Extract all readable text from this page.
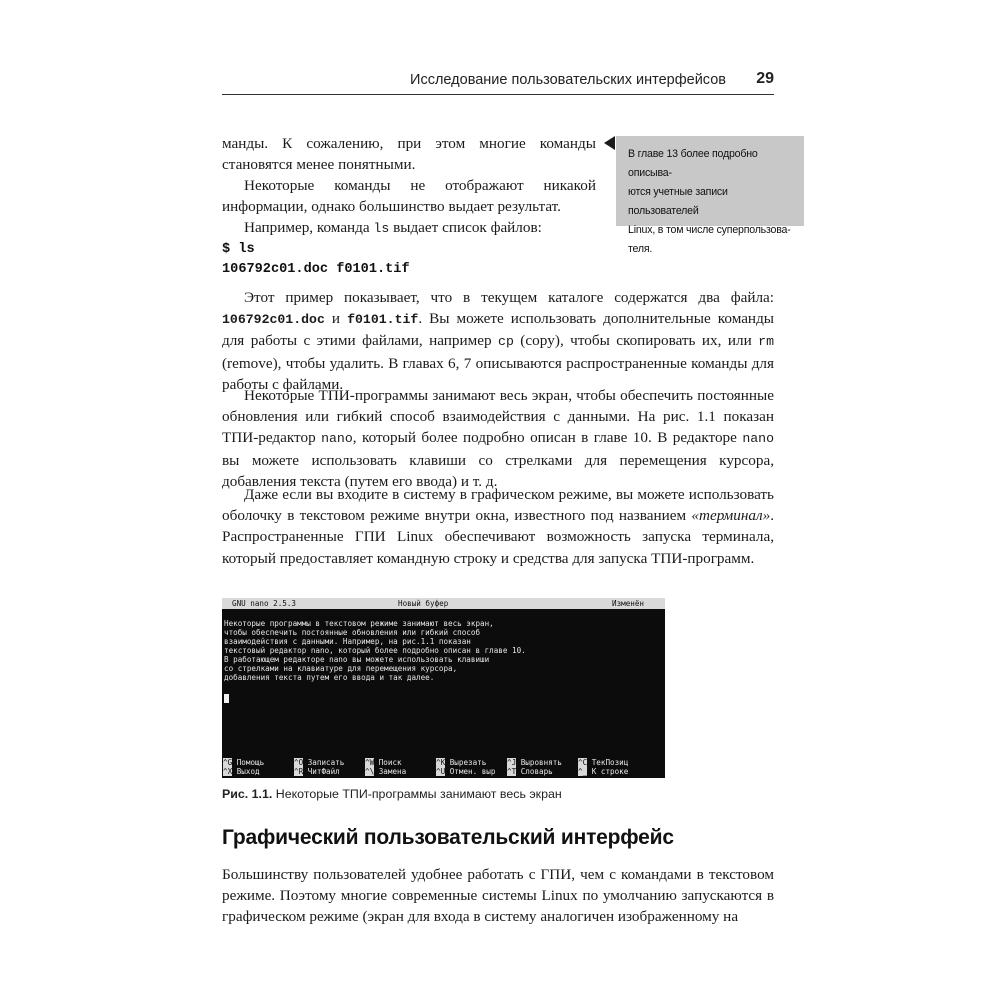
Исследование пользовательских интерфейсов 29

манды. К сожалению, при этом многие команды становятся менее понятными.

Некоторые команды не отображают никакой информации, однако большинство выдает результат.

Например, команда ls выдает список файлов:

В главе 13 более подробно описыва-
ются учетные записи пользователей
Linux, в том числе суперпользова-
теля.
$ ls
106792c01.doc f0101.tif

Этот пример показывает, что в текущем каталоге содержатся два файла: 106792c01.doc и f0101.tif. Вы можете использовать дополнительные команды для работы с этими файлами, например cp (copy), чтобы скопировать их, или rm (remove), чтобы удалить. В главах 6, 7 описываются распространенные команды для работы с файлами.

Некоторые ТПИ-программы занимают весь экран, чтобы обеспечить постоянные обновления или гибкий способ взаимодействия с данными. На рис. 1.1 показан ТПИ-редактор nano, который более подробно описан в главе 10. В редакторе nano вы можете использовать клавиши со стрелками для перемещения курсора, добавления текста (путем его ввода) и т. д.

Даже если вы входите в систему в графическом режиме, вы можете использовать оболочку в текстовом режиме внутри окна, известного под названием «терминал». Распространенные ГПИ Linux обеспечивают возможность запуска терминала, который предоставляет командную строку и средства для запуска ТПИ-программ.

GNU nano 2.5.3	Новый буфер	Изменён
Некоторые программы в текстовом режиме занимают весь экран,
чтобы обеспечить постоянные обновления или гибкий способ
взаимодействия с данными. Например, на рис.1.1 показан
текстовый редактор nano, который более подробно описан в главе 10.
В работающем редакторе nano вы можете использовать клавиши
со стрелками на клавиатуре для перемещения курсора,
добавления текста путем его ввода и так далее.
^G Помощь	^O Записать	^W Поиск	^K Вырезать	^J Выровнять ^C ТекПозиц
^X Выход	^R ЧитФайл	^\ Замена	^U Отмен. выр ^T Словарь	^_ К строке
Рис. 1.1. Некоторые ТПИ-программы занимают весь экран
Графический пользовательский интерфейс

Большинству пользователей удобнее работать с ГПИ, чем с командами в текстовом режиме. Поэтому многие современные системы Linux по умолчанию запускаются в графическом режиме (экран для входа в систему аналогичен изображенному на
